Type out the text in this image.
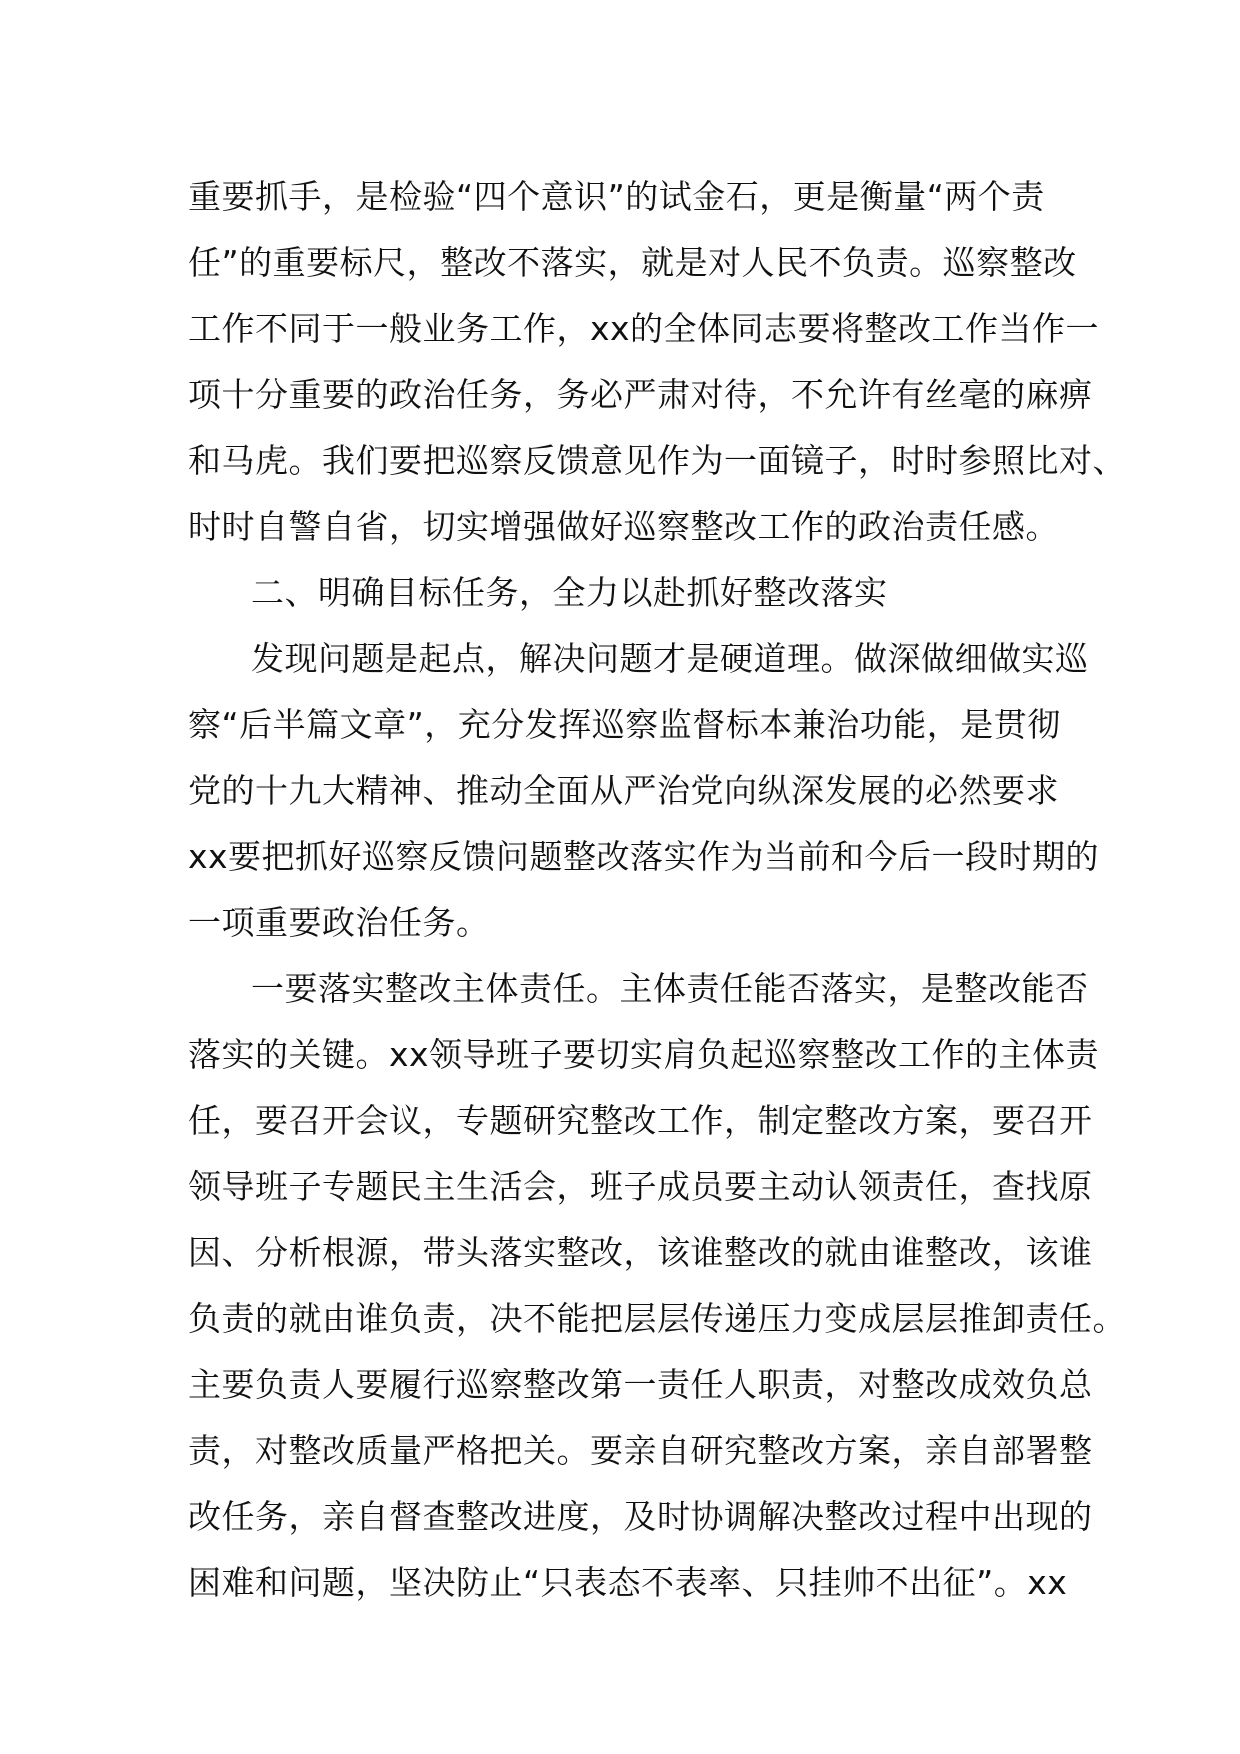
重要抓手，是检验“四个意识”的试金石，更是衡量“两个责
任”的重要标尺，整改不落实，就是对人民不负责。巡察整改
工作不同于一般业务工作，xx的全体同志要将整改工作当作一
项十分重要的政治任务，务必严肃对待，不允许有丝毫的麻痹
和马虎。我们要把巡察反馈意见作为一面镜子，时时参照比对、
时时自警自省，切实增强做好巡察整改工作的政治责任感。
二、明确目标任务，全力以赴抓好整改落实
发现问题是起点，解决问题才是硬道理。做深做细做实巡
察“后半篇文章”，充分发挥巡察监督标本兼治功能，是贯彻
党的十九大精神、推动全面从严治党向纵深发展的必然要求
xx要把抓好巡察反馈问题整改落实作为当前和今后一段时期的
一项重要政治任务。
一要落实整改主体责任。主体责任能否落实，是整改能否
落实的关键。xx领导班子要切实肩负起巡察整改工作的主体责
任，要召开会议，专题研究整改工作，制定整改方案，要召开
领导班子专题民主生活会，班子成员要主动认领责任，查找原
因、分析根源，带头落实整改，该谁整改的就由谁整改，该谁
负责的就由谁负责，决不能把层层传递压力变成层层推卸责任。
主要负责人要履行巡察整改第一责任人职责，对整改成效负总
责，对整改质量严格把关。要亲自研究整改方案，亲自部署整
改任务，亲自督查整改进度，及时协调解决整改过程中出现的
困难和问题，坚决防止“只表态不表率、只挂帅不出征”。xx
